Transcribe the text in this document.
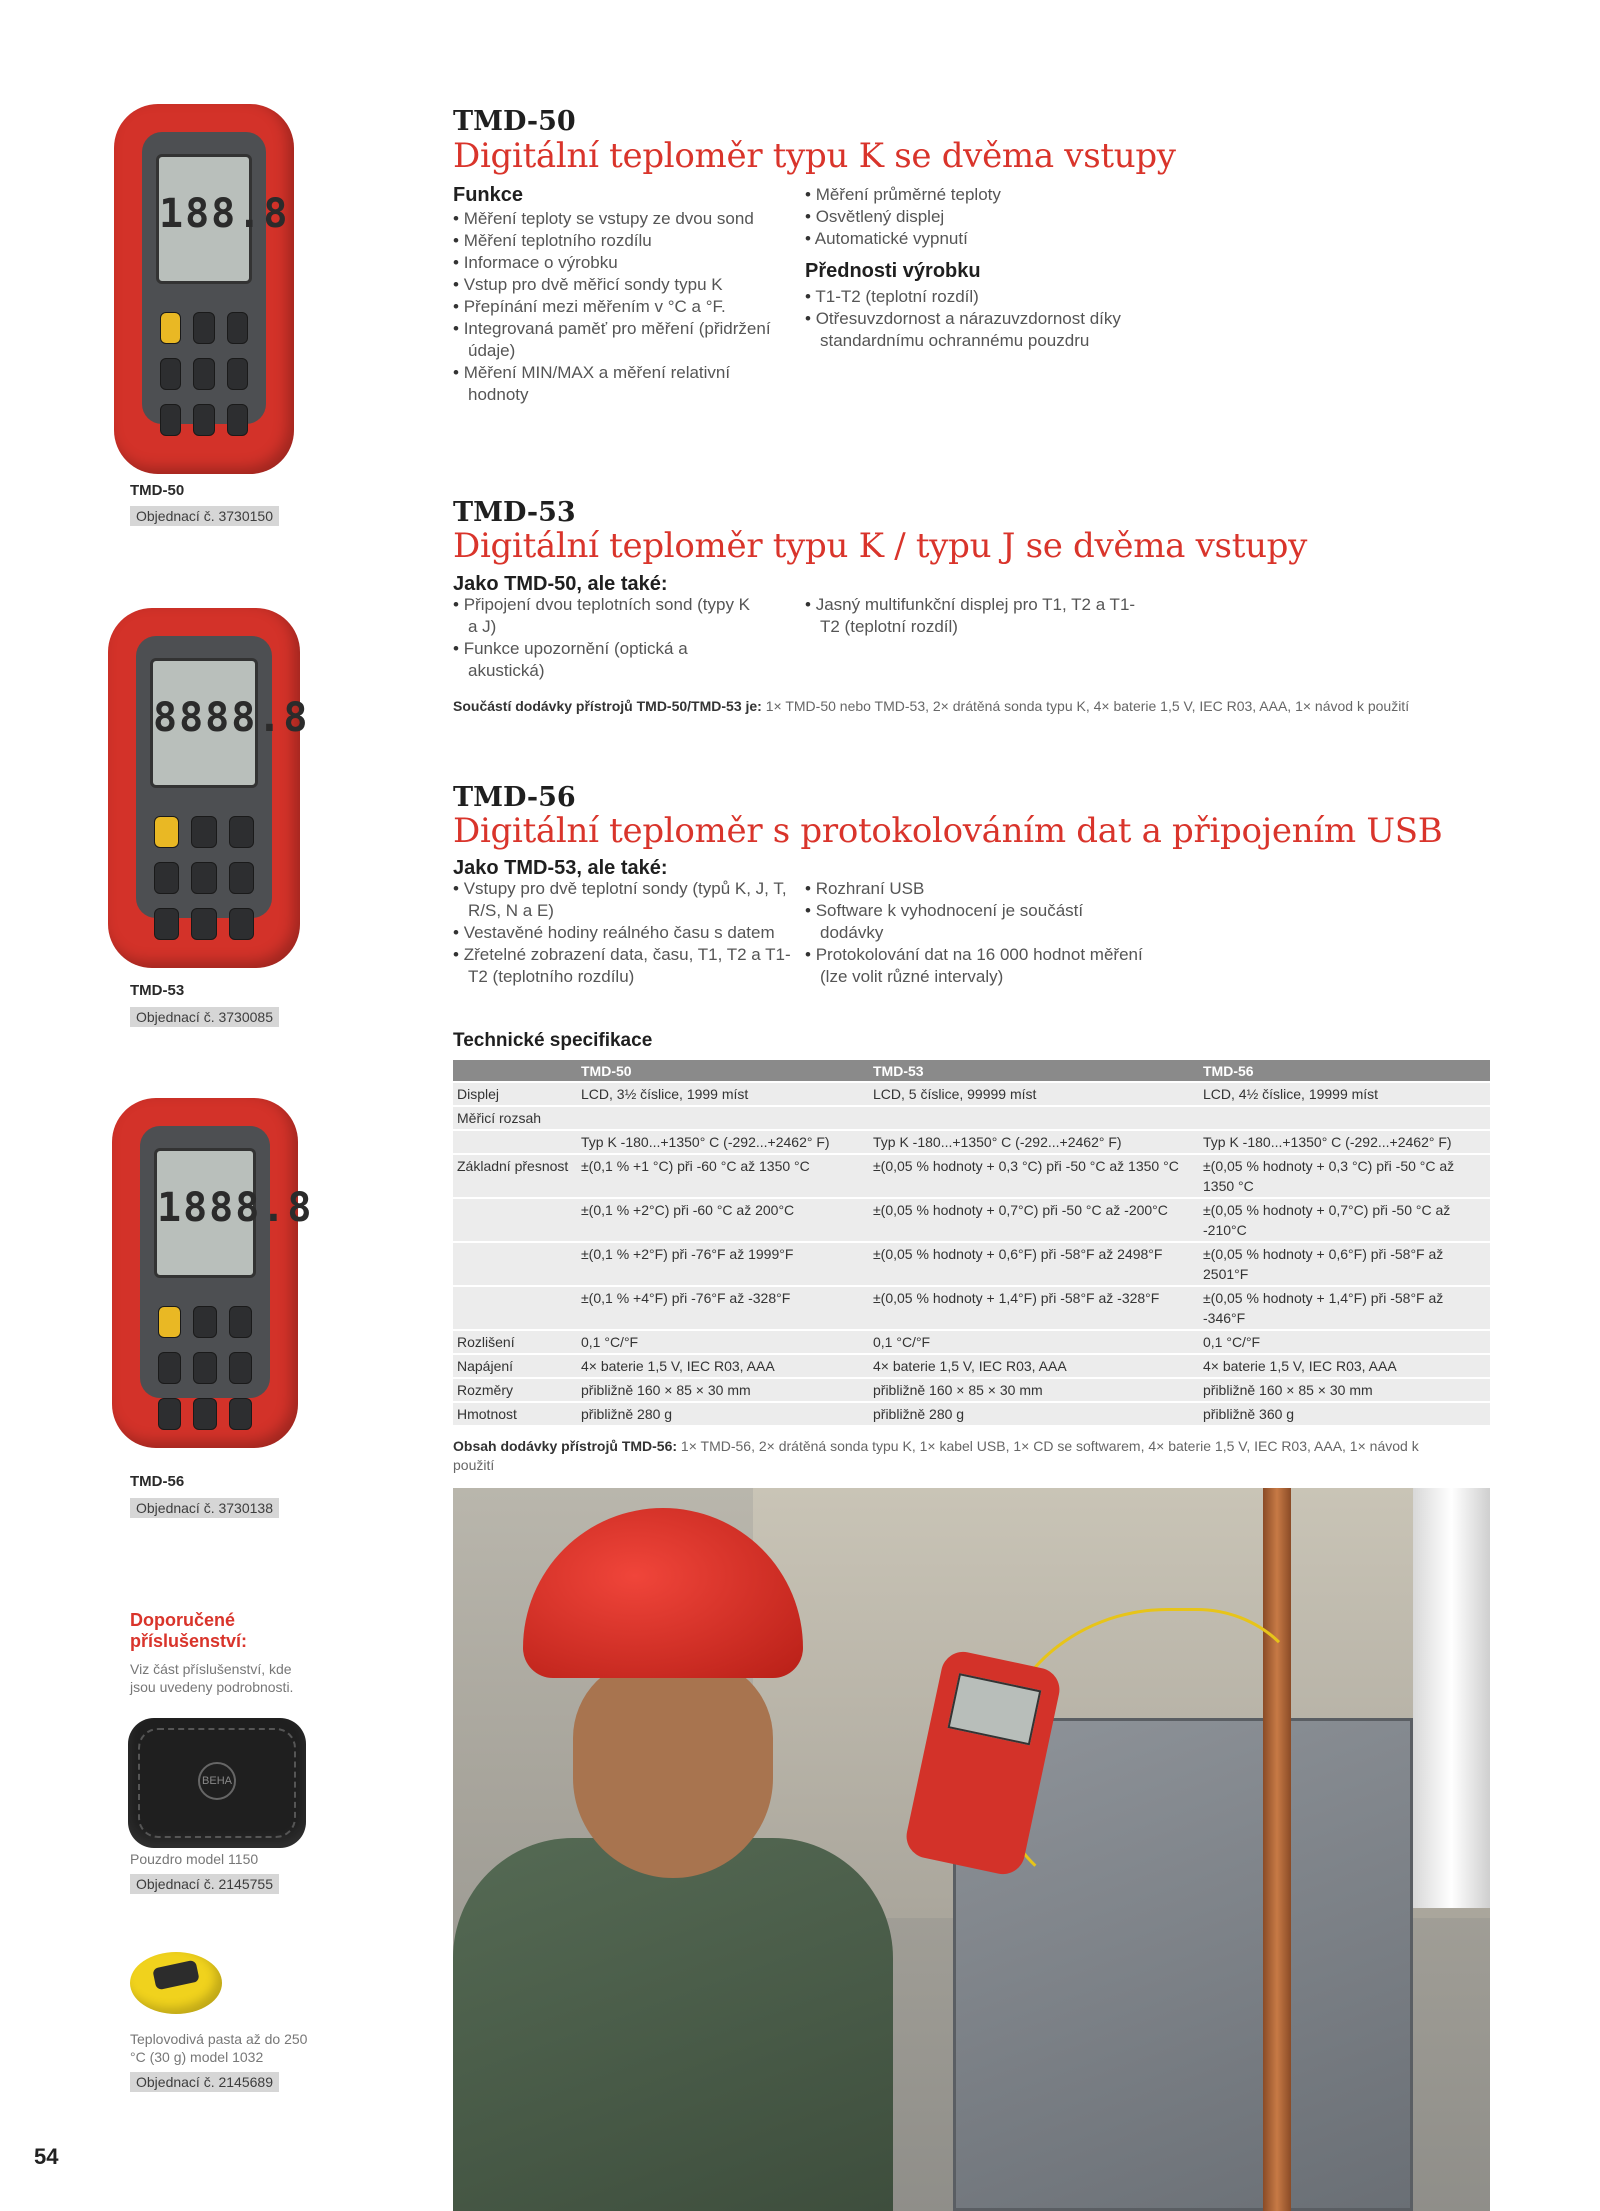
188.8
TMD-50
Objednací č. 3730150
8888.8
TMD-53
Objednací č. 3730085
1888.8
TMD-56
Objednací č. 3730138
Doporučené příslušenství:
Viz část příslušenství, kde jsou uvedeny podrobnosti.
BEHA
Pouzdro model 1150
Objednací č. 2145755
Teplovodivá pasta až do 250 °C (30 g) model 1032
Objednací č. 2145689
54
TMD-50
Digitální teploměr typu K se dvěma vstupy
Funkce
• Měření teploty se vstupy ze dvou sond
• Měření teplotního rozdílu
• Informace o výrobku
• Vstup pro dvě měřicí sondy typu K
• Přepínání mezi měřením v °C a °F.
• Integrovaná paměť pro měření (přidržení údaje)
• Měření MIN/MAX a měření relativní hodnoty
• Měření průměrné teploty
• Osvětlený displej
• Automatické vypnutí
Přednosti výrobku
• T1-T2 (teplotní rozdíl)
• Otřesuvzdornost a nárazuvzdornost díky standardnímu ochrannému pouzdru
TMD-53
Digitální teploměr typu K / typu J se dvěma vstupy
Jako TMD-50, ale také:
• Připojení dvou teplotních sond (typy K a J)
• Funkce upozornění (optická a akustická)
• Jasný multifunkční displej pro T1, T2 a T1-T2 (teplotní rozdíl)
Součástí dodávky přístrojů TMD-50/TMD-53 je: 1× TMD-50 nebo TMD-53, 2× drátěná sonda typu K, 4× baterie 1,5 V, IEC R03, AAA, 1× návod k použití
TMD-56
Digitální teploměr s protokolováním dat a připojením USB
Jako TMD-53, ale také:
• Vstupy pro dvě teplotní sondy (typů K, J, T, R/S, N a E)
• Vestavěné hodiny reálného času s datem
• Zřetelné zobrazení data, času, T1, T2 a T1-T2 (teplotního rozdílu)
• Rozhraní USB
• Software k vyhodnocení je součástí dodávky
• Protokolování dat na 16 000 hodnot měření (lze volit různé intervaly)
Technické specifikace
	TMD-50	TMD-53	TMD-56
Displej	LCD, 3½ číslice, 1999 míst	LCD, 5 číslice, 99999 míst	LCD, 4½ číslice, 19999 míst
Měřicí rozsah			
	Typ K -180...+1350° C (-292...+2462° F)	Typ K -180...+1350° C (-292...+2462° F)	Typ K -180...+1350° C (-292...+2462° F)
Základní přesnost	±(0,1 % +1 °C) při -60 °C až 1350 °C	±(0,05 % hodnoty + 0,3 °C) při -50 °C až 1350 °C	±(0,05 % hodnoty + 0,3 °C) při -50 °C až 1350 °C
	±(0,1 % +2°C) při -60 °C až 200°C	±(0,05 % hodnoty + 0,7°C) při -50 °C až -200°C	±(0,05 % hodnoty + 0,7°C) při -50 °C až -210°C
	±(0,1 % +2°F) při -76°F až 1999°F	±(0,05 % hodnoty + 0,6°F) při -58°F až 2498°F	±(0,05 % hodnoty + 0,6°F) při -58°F až 2501°F
	±(0,1 % +4°F) při -76°F až -328°F	±(0,05 % hodnoty + 1,4°F) při -58°F až -328°F	±(0,05 % hodnoty + 1,4°F) při -58°F až -346°F
Rozlišení	0,1 °C/°F	0,1 °C/°F	0,1 °C/°F
Napájení	4× baterie 1,5 V, IEC R03, AAA	4× baterie 1,5 V, IEC R03, AAA	4× baterie 1,5 V, IEC R03, AAA
Rozměry	přibližně 160 × 85 × 30 mm	přibližně 160 × 85 × 30 mm	přibližně 160 × 85 × 30 mm
Hmotnost	přibližně 280 g	přibližně 280 g	přibližně 360 g
Obsah dodávky přístrojů TMD-56: 1× TMD-56, 2× drátěná sonda typu K, 1× kabel USB, 1× CD se softwarem, 4× baterie 1,5 V, IEC R03, AAA, 1× návod k použití
